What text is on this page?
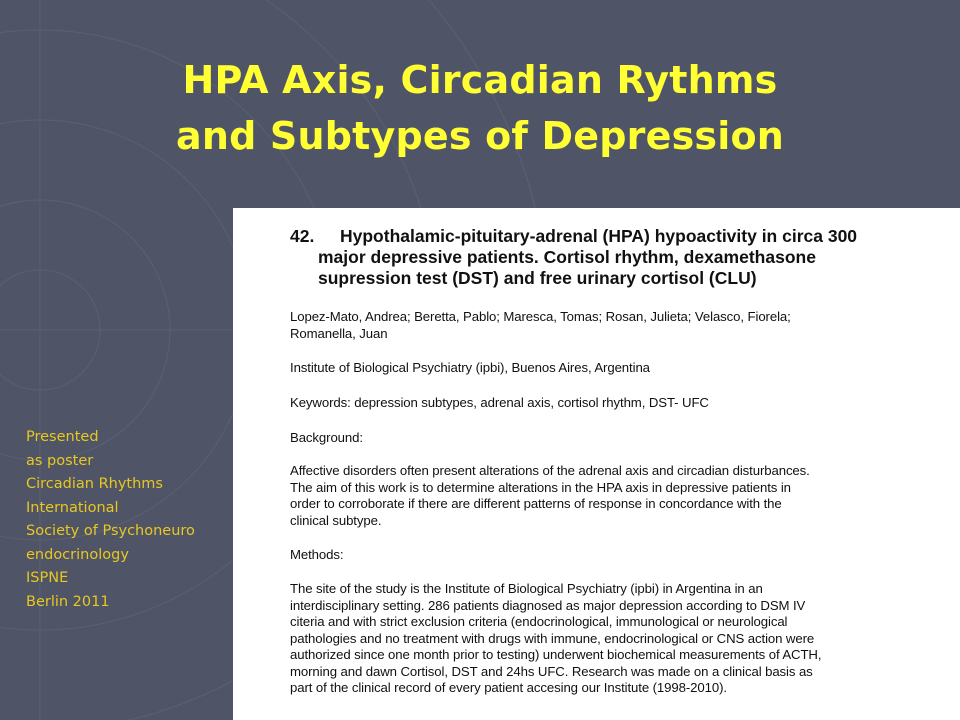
HPA Axis, Circadian Rythms
and Subtypes of Depression
Presented
as poster
Circadian Rhythms
International
Society of Psychoneuro
endocrinology
ISPNE
Berlin 2011
42. Hypothalamic-pituitary-adrenal (HPA) hypoactivity in circa 300
major depressive patients. Cortisol rhythm, dexamethasone
supression test (DST) and free urinary cortisol (CLU)
Lopez-Mato, Andrea; Beretta, Pablo; Maresca, Tomas; Rosan, Julieta; Velasco, Fiorela;
Romanella, Juan
Institute of Biological Psychiatry (ipbi), Buenos Aires, Argentina
Keywords: depression subtypes, adrenal axis, cortisol rhythm, DST- UFC
Background:
Affective disorders often present alterations of the adrenal axis and circadian disturbances.
The aim of this work is to determine alterations in the HPA axis in depressive patients in
order to corroborate if there are different patterns of response in concordance with the
clinical subtype.
Methods:
The site of the study is the Institute of Biological Psychiatry (ipbi) in Argentina in an
interdisciplinary setting. 286 patients diagnosed as major depression according to DSM IV
citeria and with strict exclusion criteria (endocrinological, immunological or neurological
pathologies and no treatment with drugs with immune, endocrinological or CNS action were
authorized since one month prior to testing) underwent biochemical measurements of ACTH,
morning and dawn Cortisol, DST and 24hs UFC. Research was made on a clinical basis as
part of the clinical record of every patient accesing our Institute (1998-2010).
